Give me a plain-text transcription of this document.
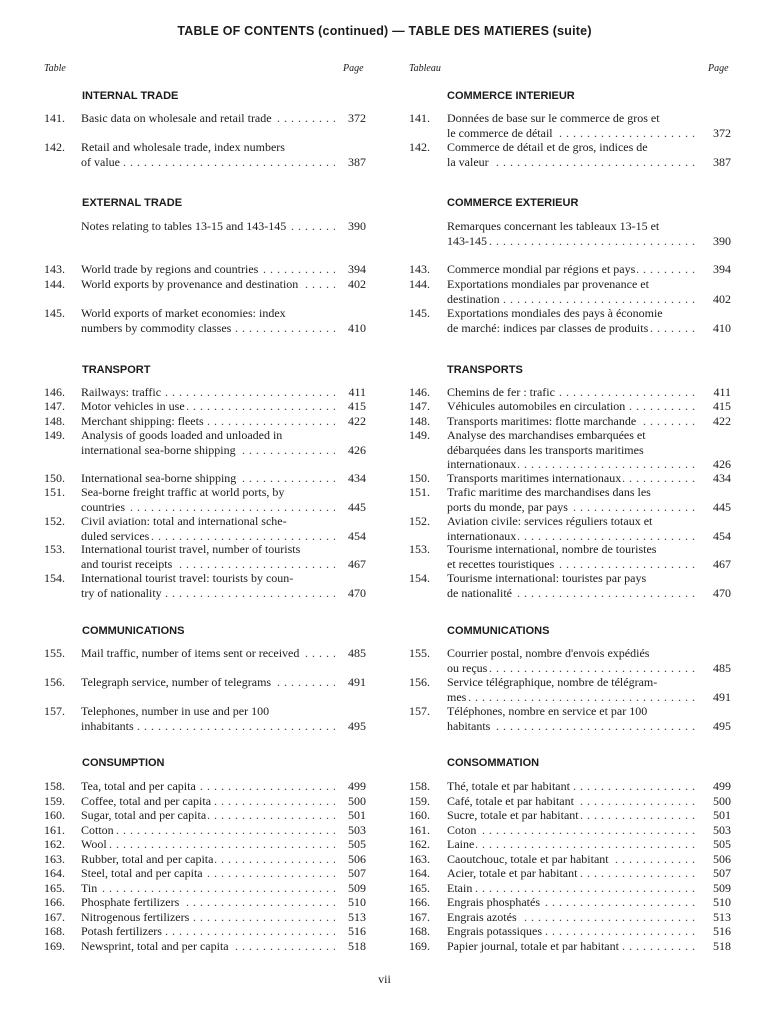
TABLE OF CONTENTS (continued) — TABLE DES MATIERES (suite)
Table	Page	Tableau	Page
INTERNAL TRADE
141.	Basic data on wholesale and retail trade . . .	372
142.	Retail and wholesale trade, index numbers
of value . . .	387
EXTERNAL TRADE
Notes relating to tables 13-15 and 143-145 . . .	390
143.	World trade by regions and countries . . .	394
144.	World exports by provenance and destination . . .	402
145.	World exports of market economies: index
numbers by commodity classes . . .	410
TRANSPORT
146.	Railways: traffic . . .	411
147.	Motor vehicles in use . . .	415
148.	Merchant shipping: fleets . . .	422
149.	Analysis of goods loaded and unloaded in
international sea-borne shipping . . .	426
150.	International sea-borne shipping . . .	434
151.	Sea-borne freight traffic at world ports, by
countries . . .	445
152.	Civil aviation: total and international sche-
duled services . . .	454
153.	International tourist travel, number of tourists
and tourist receipts . . .	467
154.	International tourist travel: tourists by coun-
try of nationality . . .	470
COMMUNICATIONS
155.	Mail traffic, number of items sent or received . . .	485
156.	Telegraph service, number of telegrams . . .	491
157.	Telephones, number in use and per 100
inhabitants . . .	495
CONSUMPTION
158.	Tea, total and per capita . . .	499
159.	Coffee, total and per capita . . .	500
160.	Sugar, total and per capita . . .	501
161.	Cotton . . .	503
162.	Wool . . .	505
163.	Rubber, total and per capita . . .	506
164.	Steel, total and per capita . . .	507
165.	Tin . . .	509
166.	Phosphate fertilizers . . .	510
167.	Nitrogenous fertilizers . . .	513
168.	Potash fertilizers . . .	516
169.	Newsprint, total and per capita . . .	518
COMMERCE INTERIEUR
141.	Données de base sur le commerce de gros et
le commerce de détail . . .	372
142.	Commerce de détail et de gros, indices de
la valeur . . .	387
COMMERCE EXTERIEUR
Remarques concernant les tableaux 13-15 et
143-145 . . .	390
143.	Commerce mondial par régions et pays . . .	394
144.	Exportations mondiales par provenance et
destination . . .	402
145.	Exportations mondiales des pays à économie
de marché: indices par classes de produits . . .	410
TRANSPORTS
146.	Chemins de fer : trafic . . .	411
147.	Véhicules automobiles en circulation . . .	415
148.	Transports maritimes: flotte marchande . . .	422
149.	Analyse des marchandises embarquées et
débarquées dans les transports maritimes
internationaux . . .	426
150.	Transports maritimes internationaux . . .	434
151.	Trafic maritime des marchandises dans les
ports du monde, par pays . . .	445
152.	Aviation civile: services réguliers totaux et
internationaux . . .	454
153.	Tourisme international, nombre de touristes
et recettes touristiques . . .	467
154.	Tourisme international: touristes par pays
de nationalité . . .	470
COMMUNICATIONS
155.	Courrier postal, nombre d'envois expédiés
ou reçus . . .	485
156.	Service télégraphique, nombre de télégram-
mes . . .	491
157.	Téléphones, nombre en service et par 100
habitants . . .	495
CONSOMMATION
158.	Thé, totale et par habitant . . .	499
159.	Café, totale et par habitant . . .	500
160.	Sucre, totale et par habitant . . .	501
161.	Coton . . .	503
162.	Laine . . .	505
163.	Caoutchouc, totale et par habitant . . .	506
164.	Acier, totale et par habitant . . .	507
165.	Etain . . .	509
166.	Engrais phosphatés . . .	510
167.	Engrais azotés . . .	513
168.	Engrais potassiques . . .	516
169.	Papier journal, totale et par habitant . . .	518
vii
